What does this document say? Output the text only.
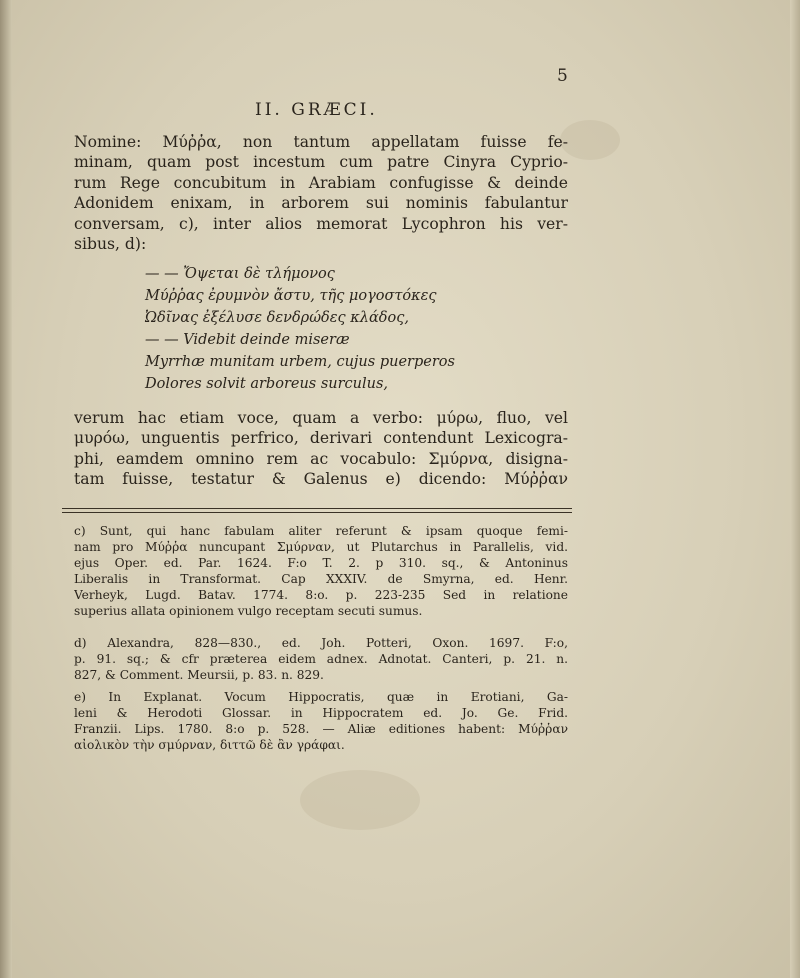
5
II. GRÆCI.
Nomine: Μύῤῥα, non tantum appellatam fuisse fe-
minam, quam post incestum cum patre Cinyra Cyprio-
rum Rege concubitum in Arabiam confugisse & deinde
Adonidem enixam, in arborem sui nominis fabulantur
conversam, c), inter alios memorat Lycophron his ver-
sibus, d):
— — Ὄψεται δὲ τλήμονος
Μύῤῥας ἐρυμνὸν ἄστυ, τῆς μογοστόκες
Ὠδῖνας ἐξέλυσε δενδρώδες κλάδος,
— — Videbit deinde miseræ
Myrrhæ munitam urbem, cujus puerperos
Dolores solvit arboreus surculus,
verum hac etiam voce, quam a verbo: μύρω, fluo, vel
μυρόω, unguentis perfrico, derivari contendunt Lexicogra-
phi, eamdem omnino rem ac vocabulo: Σμύρνα, disigna-
tam fuisse, testatur & Galenus e) dicendo: Μύῤῥαν
c) Sunt, qui hanc fabulam aliter referunt & ipsam quoque femi-
nam pro Μύῤῥα nuncupant Σμύρναν, ut Plutarchus in Parallelis, vid.
ejus Oper. ed. Par. 1624. F:o T. 2. p 310. sq., & Antoninus
Liberalis in Transformat. Cap XXXIV. de Smyrna, ed. Henr.
Verheyk, Lugd. Batav. 1774. 8:o. p. 223-235 Sed in relatione
superius allata opinionem vulgo receptam secuti sumus.
d) Alexandra, 828—830., ed. Joh. Potteri, Oxon. 1697. F:o,
p. 91. sq.; & cfr præterea eidem adnex. Adnotat. Canteri, p. 21. n.
827, & Comment. Meursii, p. 83. n. 829.
e) In Explanat. Vocum Hippocratis, quæ in Erotiani, Ga-
leni & Herodoti Glossar. in Hippocratem ed. Jo. Ge. Frid.
Franzii. Lips. 1780. 8:o p. 528. — Aliæ editiones habent: Μύῤῥαν
αἰολικὸν τὴν σμύρναν, διττῶ δὲ ἂν γράφαι.
